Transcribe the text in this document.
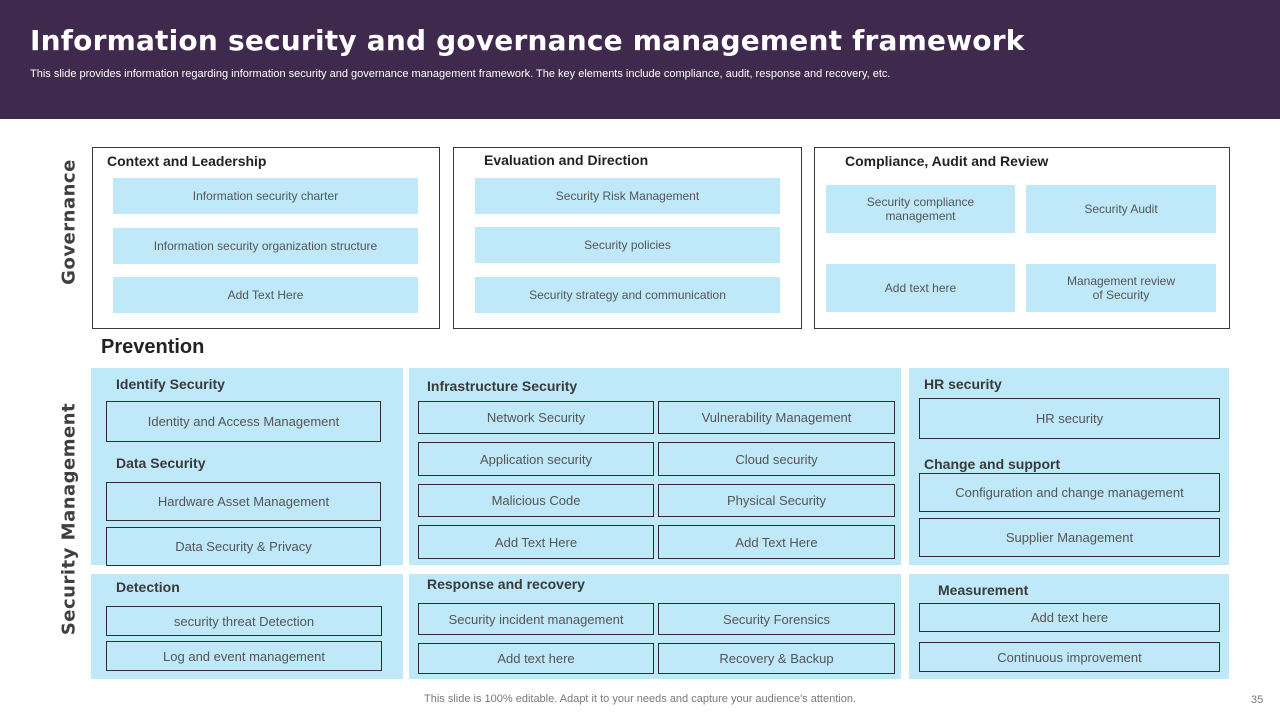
Information security and governance management framework
This slide provides information regarding information security and governance management framework. The key elements include compliance, audit, response and recovery, etc.
Governance
Security Management
Context and Leadership
Information security charter
Information security organization structure
Add Text Here
Evaluation and Direction
Security Risk Management
Security policies
Security strategy and communication
Compliance, Audit and Review
Security compliance management	Security Audit
Add text here	Management review of Security
Prevention
Identify Security
Identity and Access Management
Data Security
Hardware Asset Management
Data Security & Privacy
Infrastructure Security
Network Security	Vulnerability Management
Application security	Cloud security
Malicious Code	Physical Security
Add Text Here	Add Text Here
HR security
HR security
Change and support
Configuration and change management
Supplier Management
Detection
security threat Detection
Log and event management
Response and recovery
Security incident management	Security Forensics
Add text here	Recovery & Backup
Measurement
Add text here
Continuous improvement
This slide is 100% editable. Adapt it to your needs and capture your audience's attention.	35
